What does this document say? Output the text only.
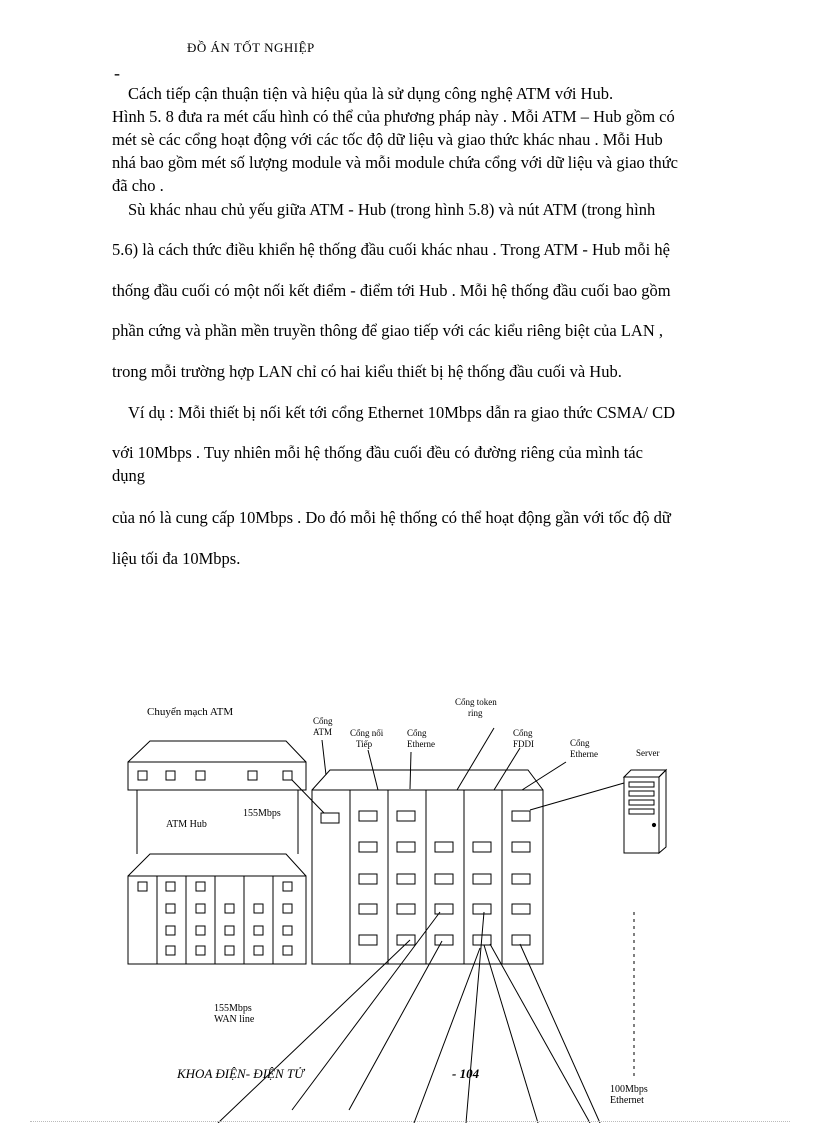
ĐỒ ÁN TỐT NGHIỆP
-
Cách tiếp cận thuận tiện và hiệu qủa là sử dụng công nghệ ATM với Hub.
Hình 5. 8 đưa ra mét cấu hình có thể của phương pháp này . Mỗi ATM – Hub gồm có
mét sè các cổng hoạt động với các tốc độ dữ liệu và giao thức khác nhau . Mỗi Hub
nhá bao gồm mét số lượng module và mỗi module chứa cổng với dữ liệu và giao thức
đã cho .
Sù khác nhau chủ yếu giữa ATM - Hub (trong hình 5.8) và nút ATM (trong hình
5.6) là cách thức điều khiển hệ thống đầu cuối khác nhau . Trong ATM - Hub mỗi hệ
thống đầu cuối có một nối kết điểm - điểm tới Hub . Mỗi hệ thống đầu cuối bao gồm
phần cứng và phần mền truyền thông để giao tiếp với các kiểu riêng biệt của LAN ,
trong mỗi trường hợp LAN chỉ có hai kiểu thiết bị hệ thống đầu cuối và Hub.
Ví dụ : Mỗi thiết bị nối kết tới cổng Ethernet 10Mbps dẫn ra giao thức CSMA/ CD
với 10Mbps . Tuy nhiên mỗi hệ thống đầu cuối đều có đường riêng của mình tác
dụng
của nó là cung cấp 10Mbps . Do đó mỗi hệ thống có thể hoạt động gần với tốc độ dữ
liệu tối đa 10Mbps.
Chuyển mạch ATM
ATM Hub
155Mbps
Cổng
ATM Cổng nối
Tiếp
Cổng
Etherne
Cổng token
ring
Cổng
FDDI	Cổng
Etherne	Server
155Mbps
WAN line
100Mbps
Ethernet
KHOA ĐIỆN- ĐIỆN TỬ	- 104
